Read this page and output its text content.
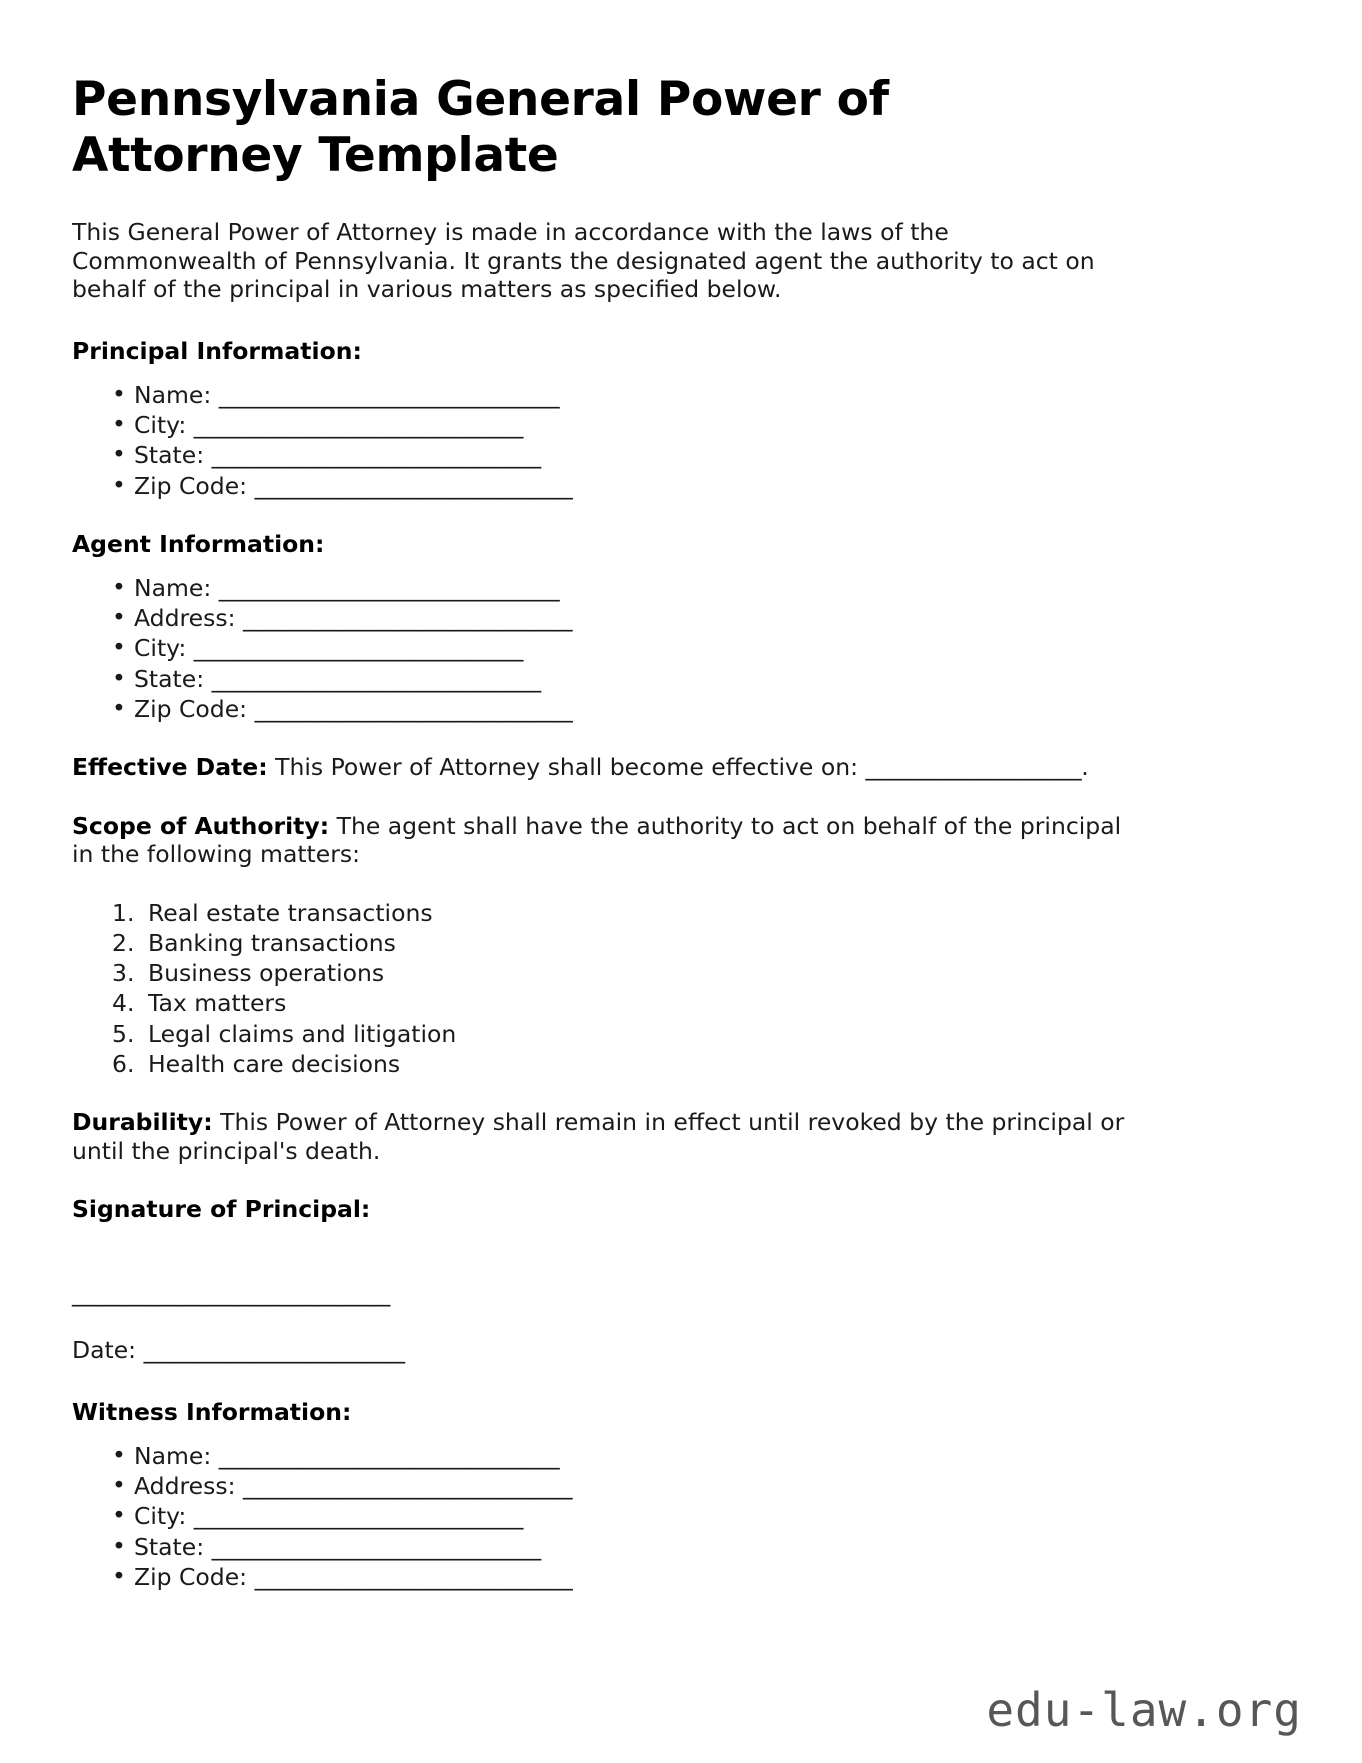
Pennsylvania General Power of Attorney Template

This General Power of Attorney is made in accordance with the laws of the Commonwealth of Pennsylvania. It grants the designated agent the authority to act on behalf of the principal in various matters as specified below.

Principal Information:
• Name: ______________________________
• City: _____________________________
• State: _____________________________
• Zip Code: ____________________________
Agent Information:
• Name: ______________________________
• Address: _____________________________
• City: _____________________________
• State: _____________________________
• Zip Code: ____________________________

Effective Date: This Power of Attorney shall become effective on: ___________________.

Scope of Authority: The agent shall have the authority to act on behalf of the principal in the following matters:

Real estate transactions
Banking transactions
Business operations
Tax matters
Legal claims and litigation
Health care decisions

Durability: This Power of Attorney shall remain in effect until revoked by the principal or until the principal's death.

Signature of Principal:
____________________________
Date: _______________________
Witness Information:
• Name: ______________________________
• Address: _____________________________
• City: _____________________________
• State: _____________________________
• Zip Code: ____________________________
edu-law.org
